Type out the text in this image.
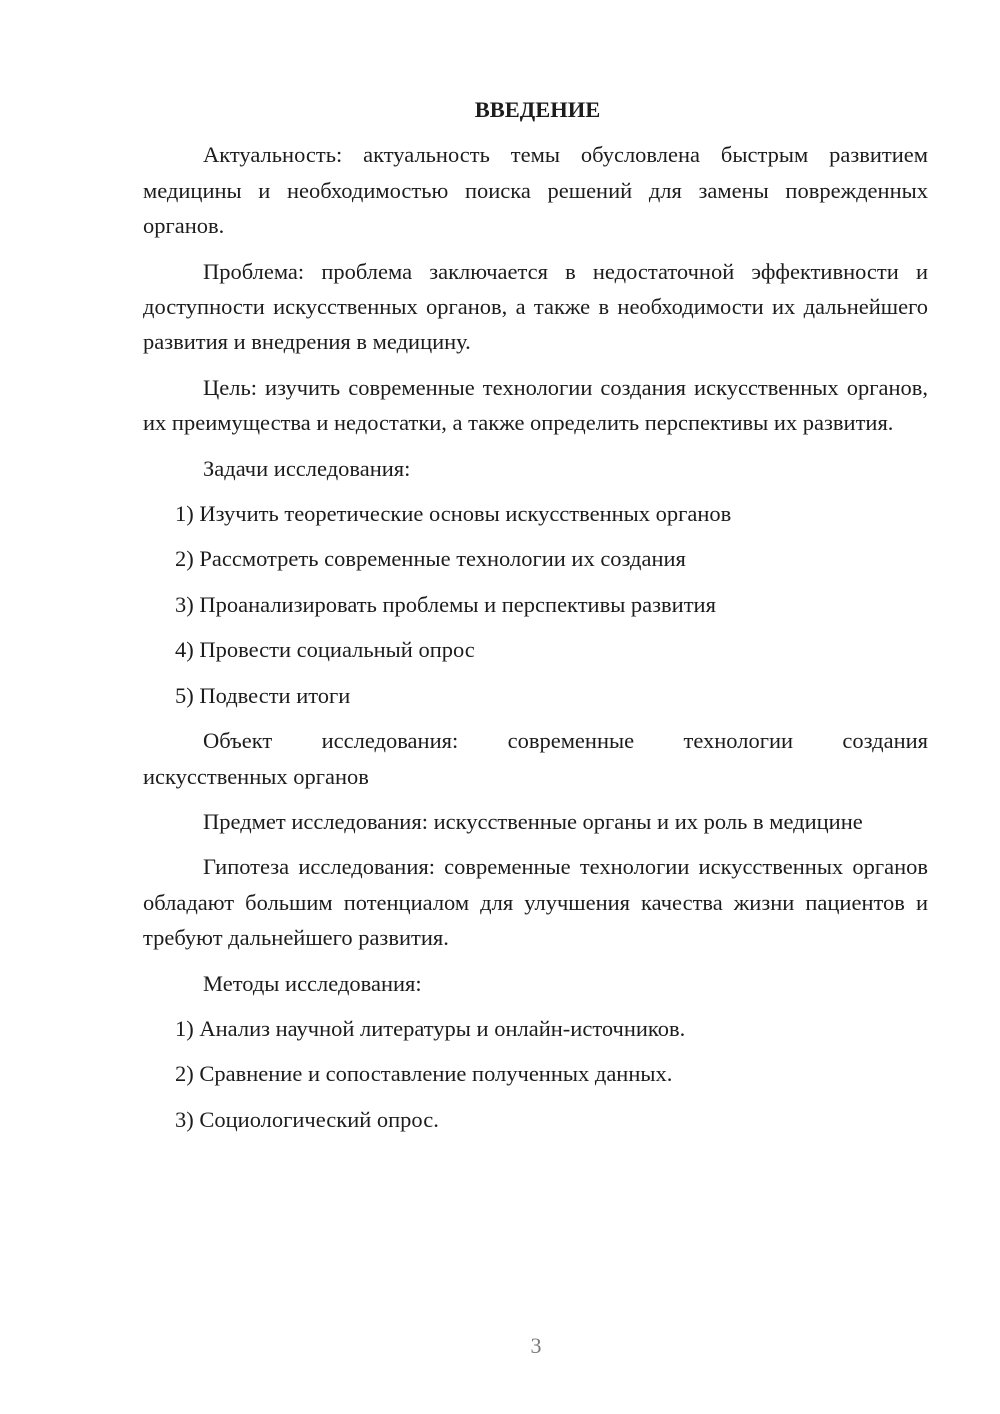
ВВЕДЕНИЕ

Актуальность: актуальность темы обусловлена быстрым развитием медицины и необходимостью поиска решений для замены поврежденных органов.

Проблема: проблема заключается в недостаточной эффективности и доступности искусственных органов, а также в необходимости их дальнейшего развития и внедрения в медицину.

Цель: изучить современные технологии создания искусственных органов, их преимущества и недостатки, а также определить перспективы их развития.

Задачи исследования:

1) Изучить теоретические основы искусственных органов
2) Рассмотреть современные технологии их создания
3) Проанализировать проблемы и перспективы развития
4) Провести социальный опрос
5) Подвести итоги

Объект исследования: современные технологии создания
искусственных органов

Предмет исследования: искусственные органы и их роль в медицине

Гипотеза исследования: современные технологии искусственных органов обладают большим потенциалом для улучшения качества жизни пациентов и требуют дальнейшего развития.

Методы исследования:

1) Анализ научной литературы и онлайн-источников.
2) Сравнение и сопоставление полученных данных.
3) Социологический опрос.
3
